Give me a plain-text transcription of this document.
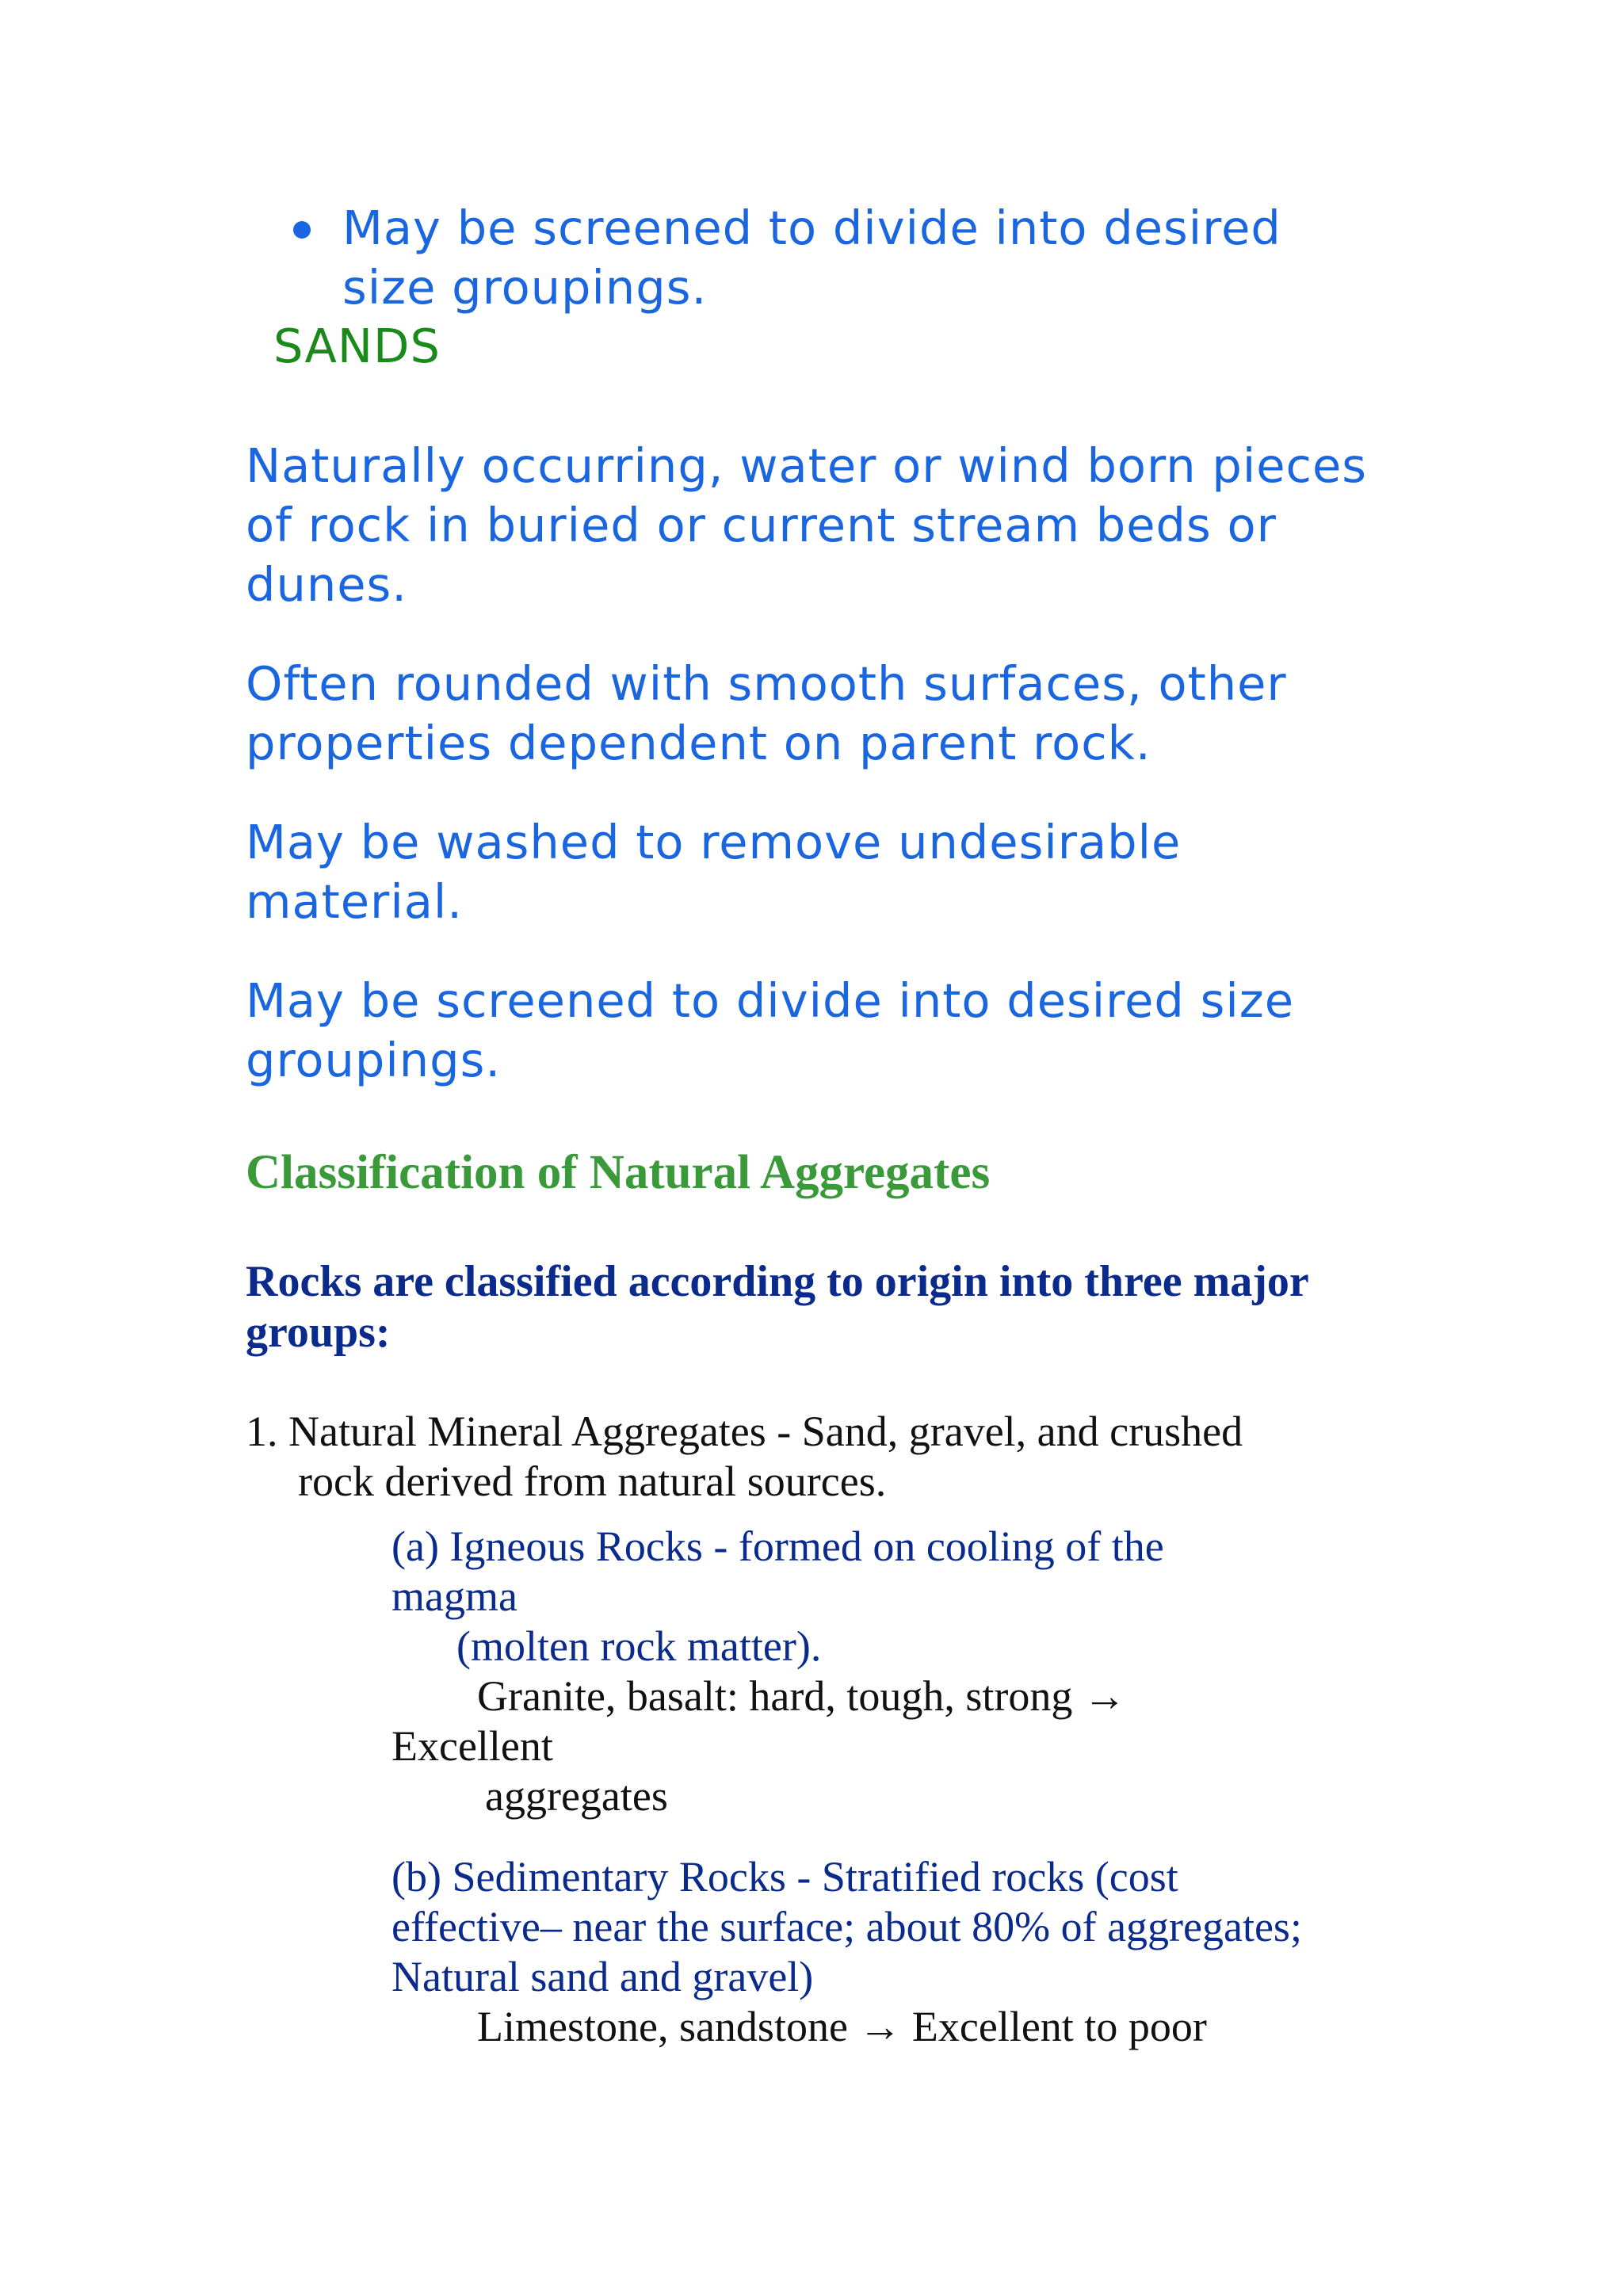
May be screened to divide into desired size groupings.
SANDS

Naturally occurring, water or wind born pieces of rock in buried or current stream beds or dunes.

Often rounded with smooth surfaces, other properties dependent on parent rock.

May be washed to remove undesirable material.

May be screened to divide into desired size groupings.

Classification of Natural Aggregates
Rocks are classified according to origin into three major groups:
1. Natural Mineral Aggregates - Sand, gravel, and crushed
rock derived from natural sources.
(a) Igneous Rocks - formed on cooling of the magma
(molten rock matter).
Granite, basalt: hard, tough, strong → Excellent
aggregates
(b) Sedimentary Rocks - Stratified rocks (cost effective– near the surface; about 80% of aggregates; Natural sand and gravel)
Limestone, sandstone → Excellent to poor
